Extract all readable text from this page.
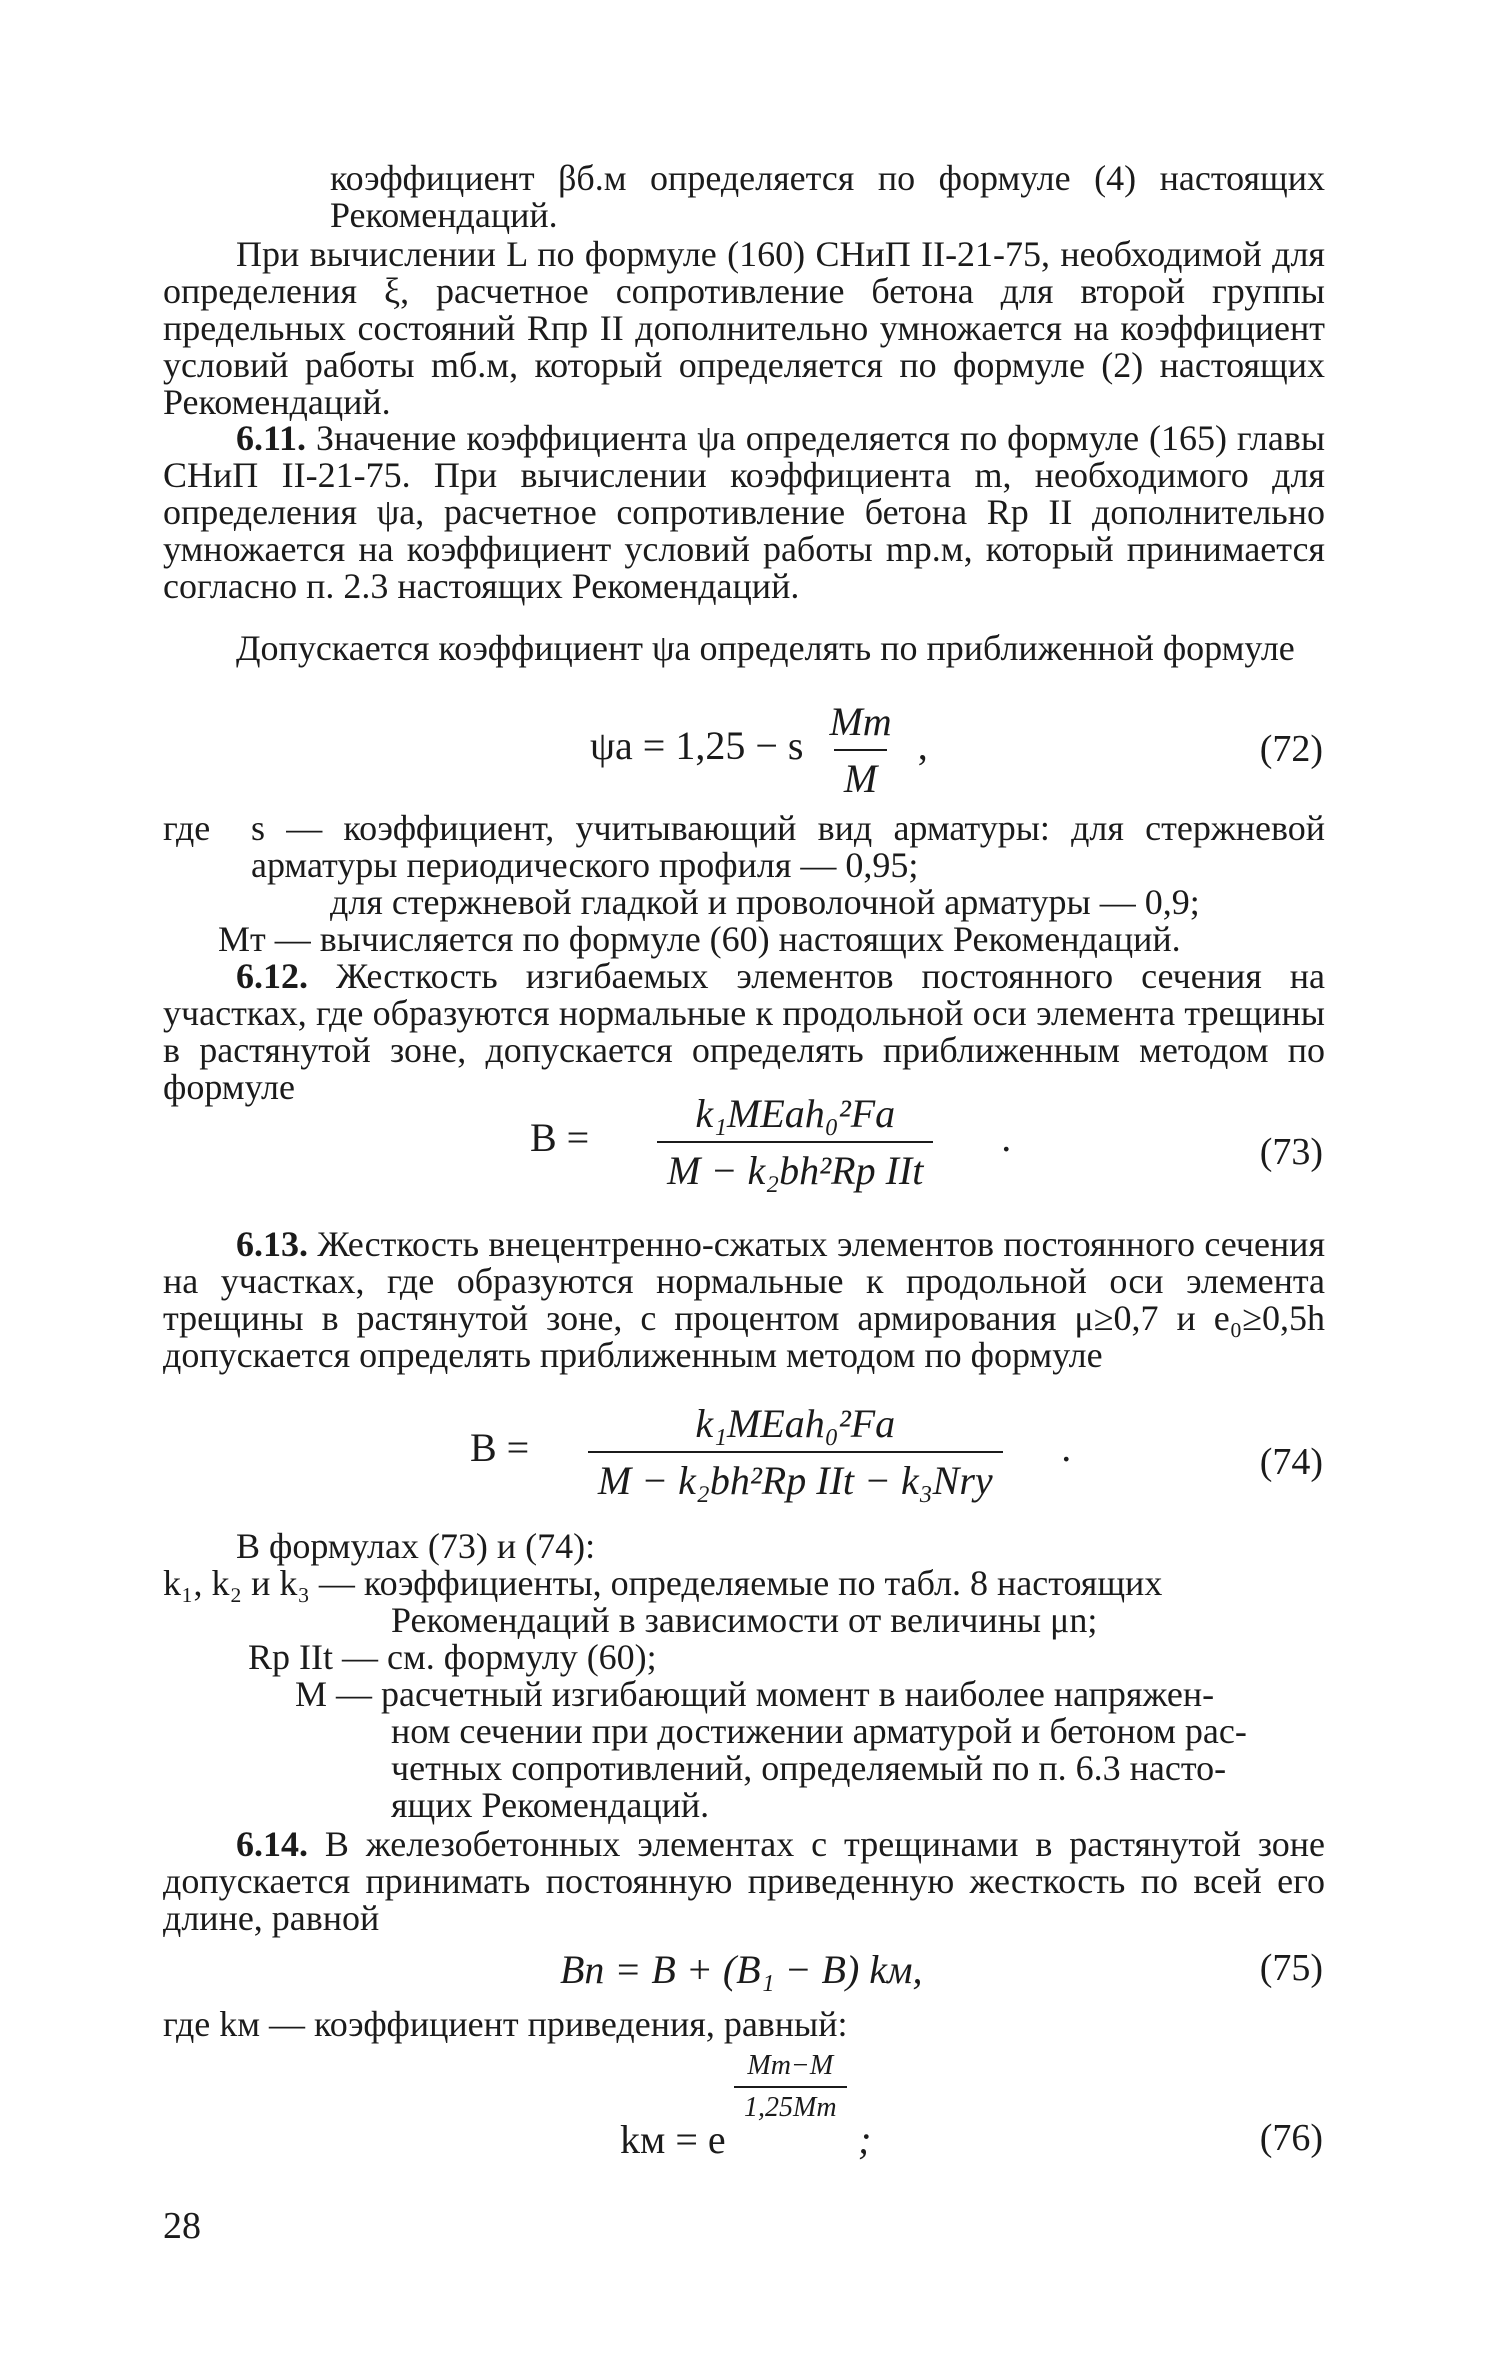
коэффициент βб.м определяется по формуле (4) настоящих Рекомендаций.
При вычислении L по формуле (160) СНиП II-21-75, необходимой для определения ξ, расчетное сопротивление бетона для второй группы предельных состояний Rпр II дополнительно умножается на коэффициент условий работы mб.м, который определяется по формуле (2) настоящих Рекомендаций.
6.11. Значение коэффициента ψа определяется по формуле (165) главы СНиП II-21-75. При вычислении коэффициента m, необходимого для определения ψа, расчетное сопротивление бетона Rр II дополнительно умножается на коэффициент условий работы mр.м, который принимается согласно п. 2.3 настоящих Рекомендаций.
Допускается коэффициент ψа определять по приближенной формуле
ψа = 1,25 − s $\frac{Mт}{M}$ ,	(72)
где s — коэффициент, учитывающий вид арматуры: для стержневой арматуры периодического профиля — 0,95;
для стержневой гладкой и проволочной арматуры — 0,9;
Mт — вычисляется по формуле (60) настоящих Рекомендаций.
6.12. Жесткость изгибаемых элементов постоянного сечения на участках, где образуются нормальные к продольной оси элемента трещины в растянутой зоне, допускается определять приближенным методом по формуле
$B = \frac{\text{k₁MEаh₀²Fа}}{\text{M − k₂bh²Rр IIt}}$ .	(73)
6.13. Жесткость внецентренно-сжатых элементов постоянного сечения на участках, где образуются нормальные к продольной оси элемента трещины в растянутой зоне, с процентом армирования μ≥0,7 и e₀≥0,5h допускается определять приближенным методом по формуле
$B = \frac{\text{k₁MEаh₀²Fа}}{\text{M − k₂bh²Rр IIt − k₃Nry}}$ .	(74)
В формулах (73) и (74):
k₁, k₂ и k₃ — коэффициенты, определяемые по табл. 8 настоящих
Рекомендаций в зависимости от величины μn;
Rр IIt — см. формулу (60);
M — расчетный изгибающий момент в наиболее напряжен-
ном сечении при достижении арматурой и бетоном рас-
четных сопротивлений, определяемый по п. 6.3 насто-
ящих Рекомендаций.
6.14. В железобетонных элементах с трещинами в растянутой зоне допускается принимать постоянную приведенную жесткость по всей его длине, равной
Bп = B + (B₁ − B) kм,	(75)
где kм — коэффициент приведения, равный:
kм = e
$\frac{Mт-M}{1,25Mт}$
;	(76)
28
